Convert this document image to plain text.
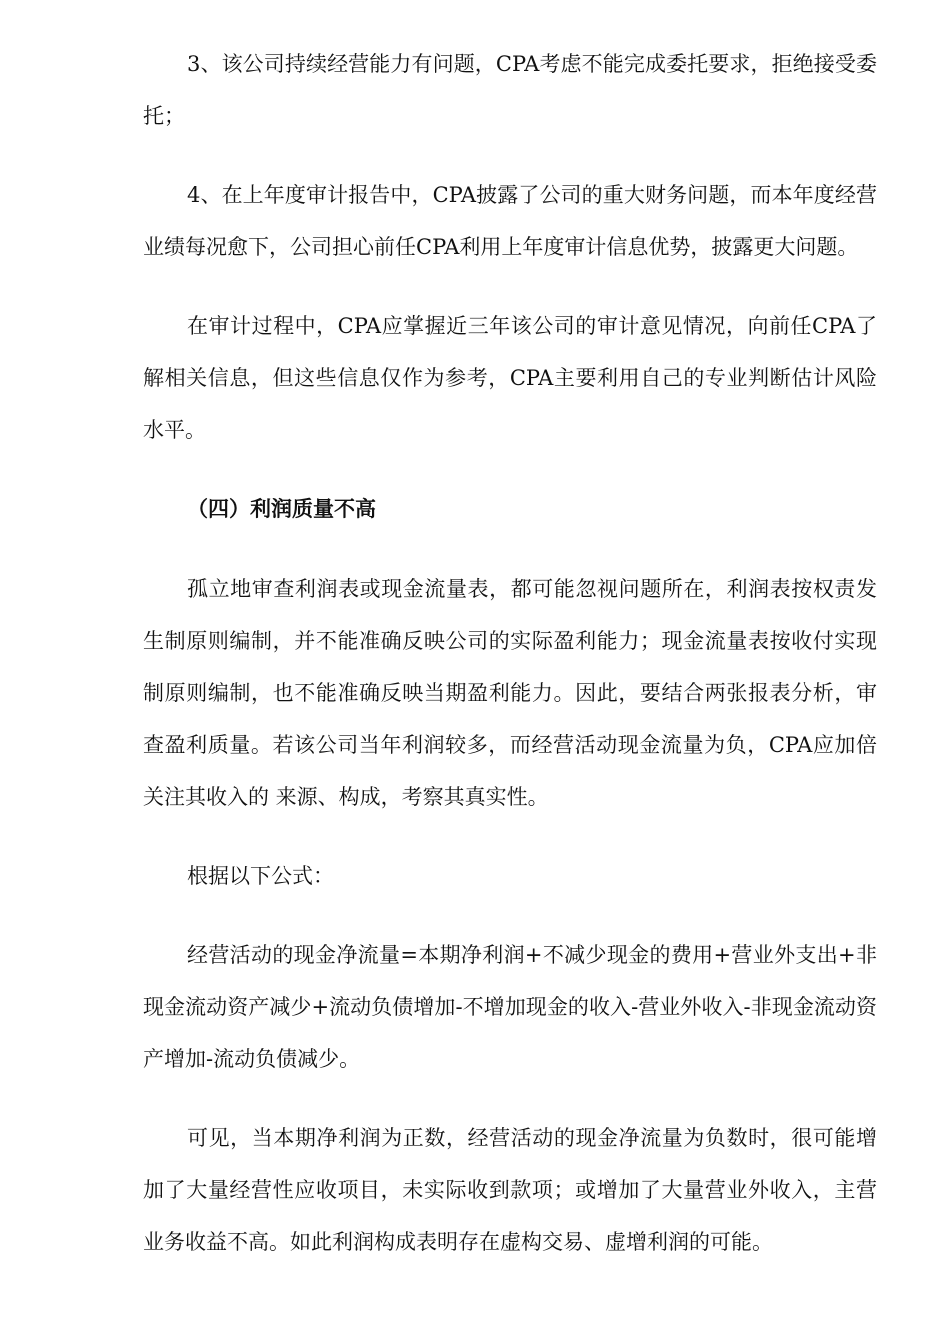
3、该公司持续经营能力有问题，CPA考虑不能完成委托要求，拒绝接受委托；

4、在上年度审计报告中，CPA披露了公司的重大财务问题，而本年度经营业绩每况愈下，公司担心前任CPA利用上年度审计信息优势，披露更大问题。

在审计过程中，CPA应掌握近三年该公司的审计意见情况，向前任CPA了解相关信息，但这些信息仅作为参考，CPA主要利用自己的专业判断估计风险水平。

（四）利润质量不高

孤立地审查利润表或现金流量表，都可能忽视问题所在，利润表按权责发生制原则编制，并不能准确反映公司的实际盈利能力；现金流量表按收付实现制原则编制，也不能准确反映当期盈利能力。因此，要结合两张报表分析，审查盈利质量。若该公司当年利润较多，而经营活动现金流量为负，CPA应加倍关注其收入的 来源、构成，考察其真实性。

根据以下公式：

经营活动的现金净流量=本期净利润+不减少现金的费用+营业外支出+非现金流动资产减少+流动负债增加-不增加现金的收入-营业外收入-非现金流动资产增加-流动负债减少。

可见，当本期净利润为正数，经营活动的现金净流量为负数时，很可能增加了大量经营性应收项目，未实际收到款项；或增加了大量营业外收入，主营业务收益不高。如此利润构成表明存在虚构交易、虚增利润的可能。
